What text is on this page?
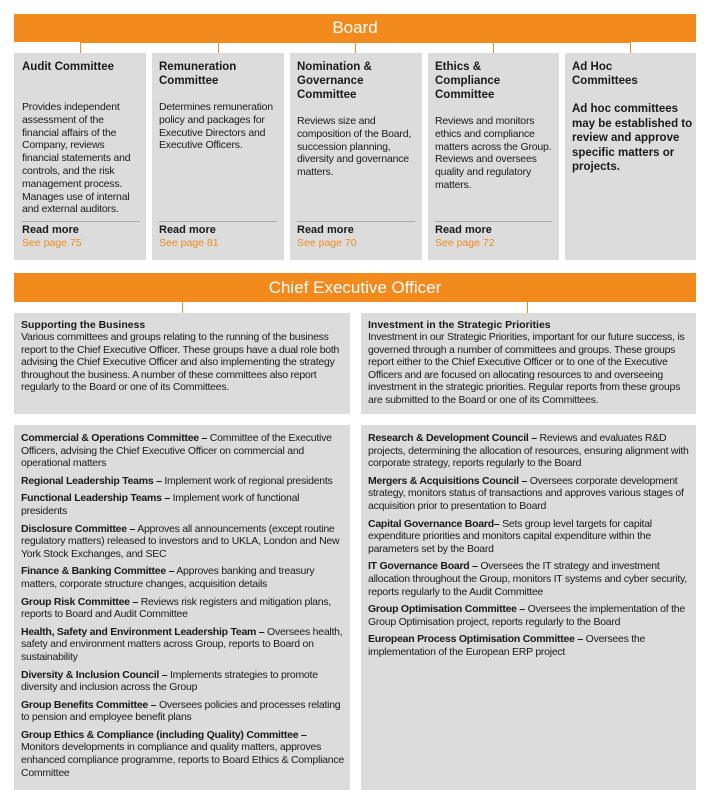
Board
Audit Committee
Provides independent assessment of the financial affairs of the Company, reviews financial statements and controls, and the risk management process. Manages use of internal and external auditors.
Read more
See page 75
Remuneration Committee
Determines remuneration policy and packages for Executive Directors and Executive Officers.
Read more
See page 81
Nomination & Governance Committee
Reviews size and composition of the Board, succession planning, diversity and governance matters.
Read more
See page 70
Ethics & Compliance Committee
Reviews and monitors ethics and compliance matters across the Group. Reviews and oversees quality and regulatory matters.
Read more
See page 72
Ad Hoc Committees
Ad hoc committees may be established to review and approve specific matters or projects.
Chief Executive Officer
Supporting the Business
Various committees and groups relating to the running of the business report to the Chief Executive Officer. These groups have a dual role both advising the Chief Executive Officer and also implementing the strategy throughout the business. A number of these committees also report regularly to the Board or one of its Committees.
Investment in the Strategic Priorities
Investment in our Strategic Priorities, important for our future success, is governed through a number of committees and groups. These groups report either to the Chief Executive Officer or to one of the Executive Officers and are focused on allocating resources to and overseeing investment in the strategic priorities. Regular reports from these groups are submitted to the Board or one of its Committees.
Commercial & Operations Committee – Committee of the Executive Officers, advising the Chief Executive Officer on commercial and operational matters
Regional Leadership Teams – Implement work of regional presidents
Functional Leadership Teams – Implement work of functional presidents
Disclosure Committee – Approves all announcements (except routine regulatory matters) released to investors and to UKLA, London and New York Stock Exchanges, and SEC
Finance & Banking Committee – Approves banking and treasury matters, corporate structure changes, acquisition details
Group Risk Committee – Reviews risk registers and mitigation plans, reports to Board and Audit Committee
Health, Safety and Environment Leadership Team – Oversees health, safety and environment matters across Group, reports to Board on sustainability
Diversity & Inclusion Council – Implements strategies to promote diversity and inclusion across the Group
Group Benefits Committee – Oversees policies and processes relating to pension and employee benefit plans
Group Ethics & Compliance (including Quality) Committee – Monitors developments in compliance and quality matters, approves enhanced compliance programme, reports to Board Ethics & Compliance Committee
Research & Development Council – Reviews and evaluates R&D projects, determining the allocation of resources, ensuring alignment with corporate strategy, reports regularly to the Board
Mergers & Acquisitions Council – Oversees corporate development strategy, monitors status of transactions and approves various stages of acquisition prior to presentation to Board
Capital Governance Board– Sets group level targets for capital expenditure priorities and monitors capital expenditure within the parameters set by the Board
IT Governance Board – Oversees the IT strategy and investment allocation throughout the Group, monitors IT systems and cyber security, reports regularly to the Audit Committee
Group Optimisation Committee – Oversees the implementation of the Group Optimisation project, reports regularly to the Board
European Process Optimisation Committee – Oversees the implementation of the European ERP project
